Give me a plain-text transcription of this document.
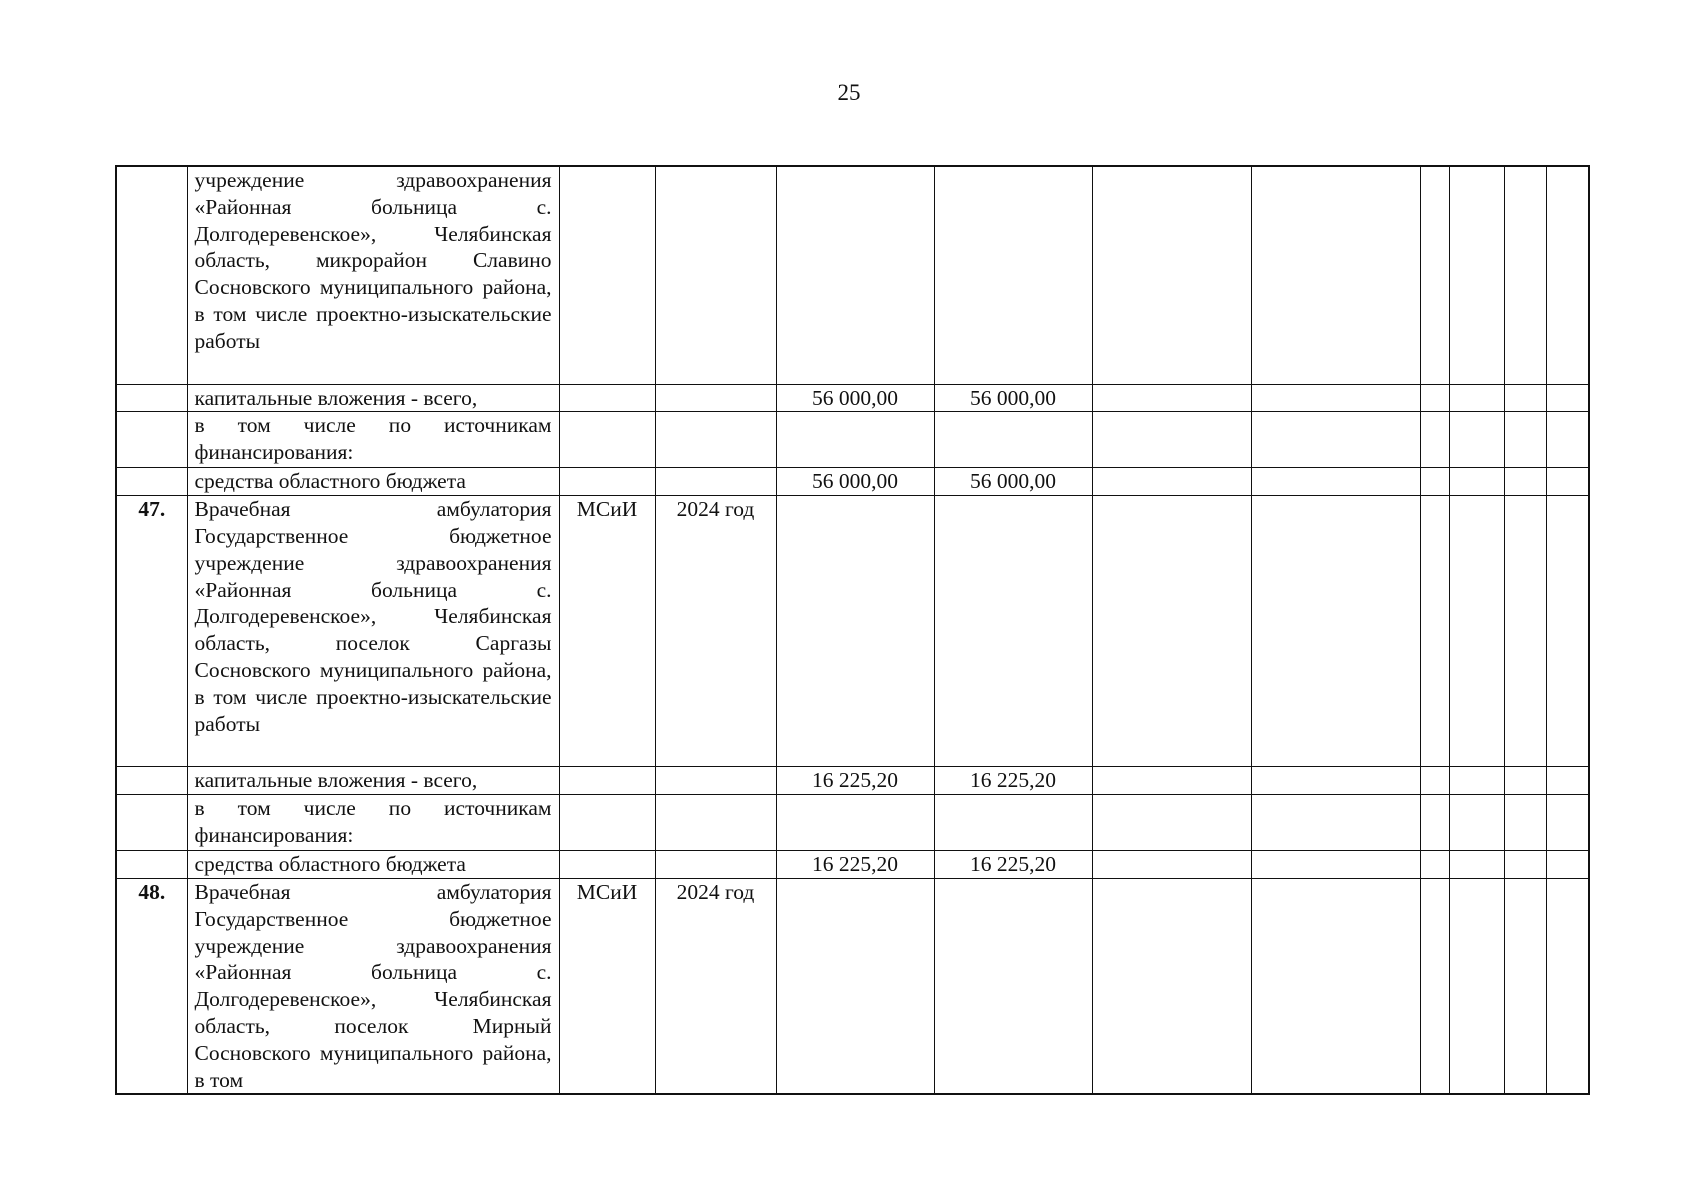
25
	учреждение здравоохранения «Районная больница с. Долгодеревенское», Челябинская область, микрорайон Славино Сосновского муниципального района, в том числе проектно-изыскательские работы										
	капитальные вложения - всего,			56 000,00	56 000,00						
	в том числе по источникам финансирования:										
	средства областного бюджета			56 000,00	56 000,00						
47.	Врачебная амбулатория Государственное бюджетное учреждение здравоохранения «Районная больница с. Долгодеревенское», Челябинская область, поселок Саргазы Сосновского муниципального района, в том числе проектно-изыскательские работы	МСиИ	2024 год								
	капитальные вложения - всего,			16 225,20	16 225,20						
	в том числе по источникам финансирования:										
	средства областного бюджета			16 225,20	16 225,20						
48.	Врачебная амбулатория Государственное бюджетное учреждение здравоохранения «Районная больница с. Долгодеревенское», Челябинская область, поселок Мирный Сосновского муниципального района, в том	МСиИ	2024 год								
